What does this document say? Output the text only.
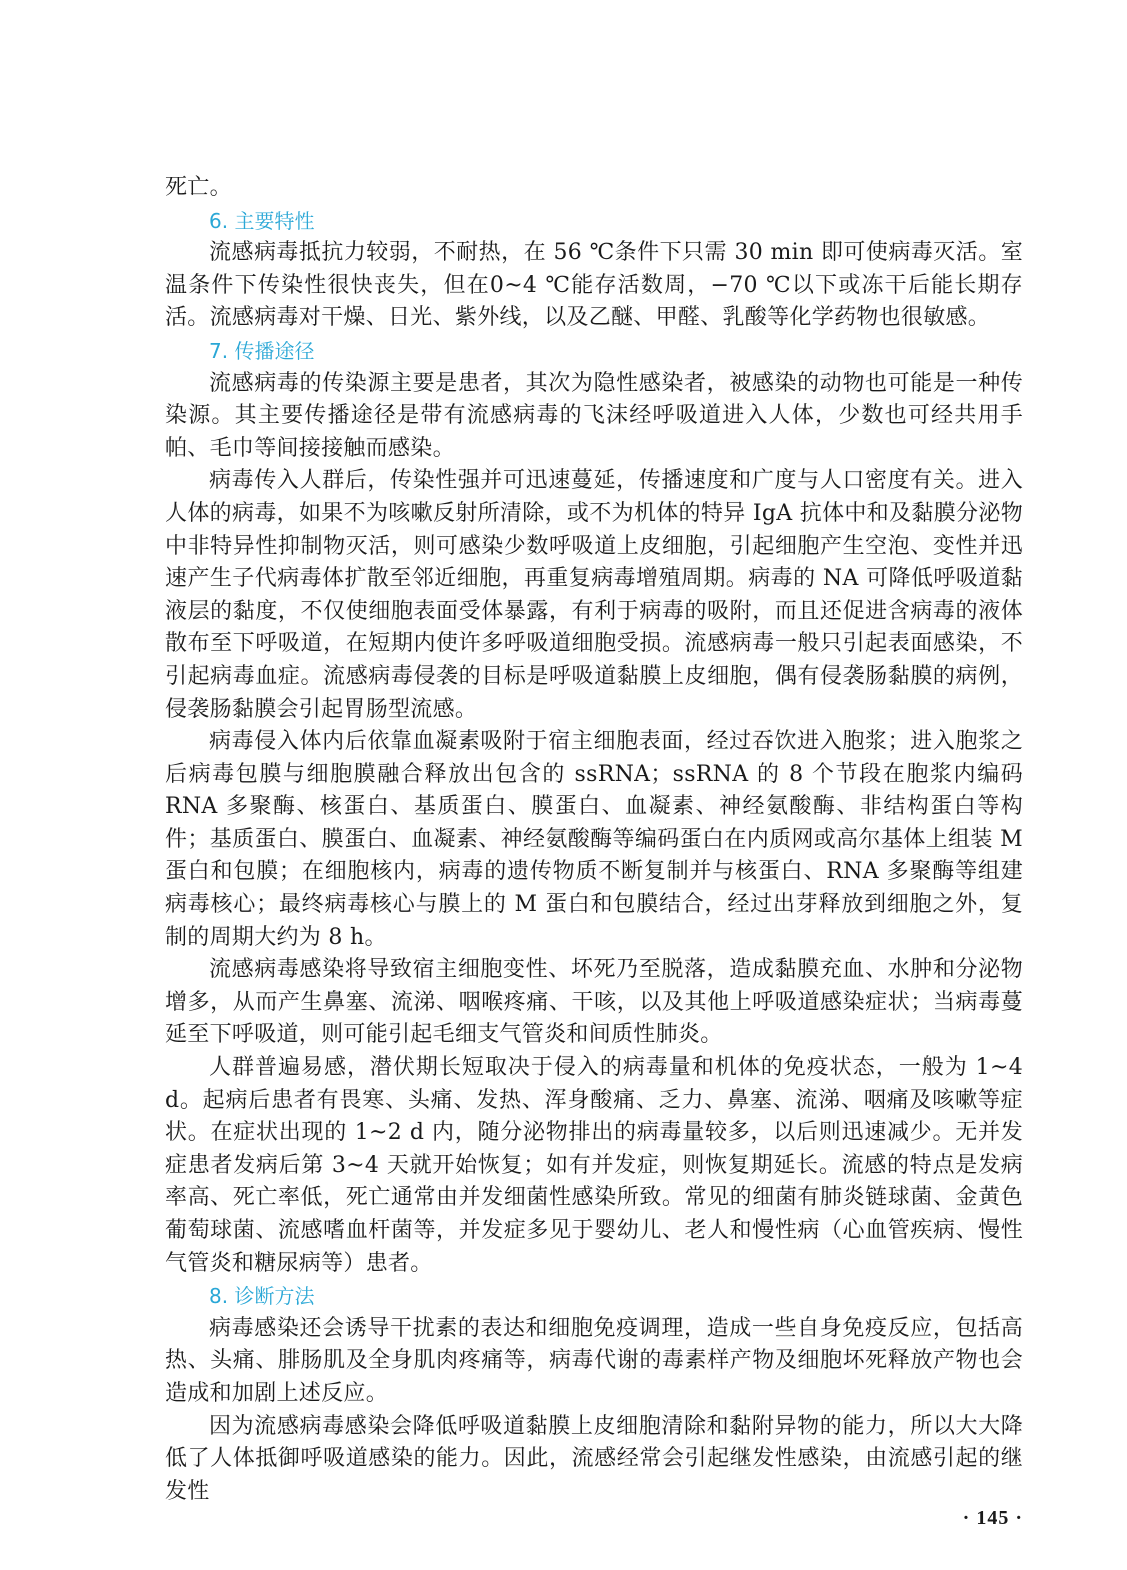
死亡。

6. 主要特性

流感病毒抵抗力较弱，不耐热，在 56 ℃条件下只需 30 min 即可使病毒灭活。室温条件下传染性很快丧失，但在0~4 ℃能存活数周，−70 ℃以下或冻干后能长期存活。流感病毒对干燥、日光、紫外线，以及乙醚、甲醛、乳酸等化学药物也很敏感。

7. 传播途径

流感病毒的传染源主要是患者，其次为隐性感染者，被感染的动物也可能是一种传染源。其主要传播途径是带有流感病毒的飞沫经呼吸道进入人体，少数也可经共用手帕、毛巾等间接接触而感染。

病毒传入人群后，传染性强并可迅速蔓延，传播速度和广度与人口密度有关。进入人体的病毒，如果不为咳嗽反射所清除，或不为机体的特异 IgA 抗体中和及黏膜分泌物中非特异性抑制物灭活，则可感染少数呼吸道上皮细胞，引起细胞产生空泡、变性并迅速产生子代病毒体扩散至邻近细胞，再重复病毒增殖周期。病毒的 NA 可降低呼吸道黏液层的黏度，不仅使细胞表面受体暴露，有利于病毒的吸附，而且还促进含病毒的液体散布至下呼吸道，在短期内使许多呼吸道细胞受损。流感病毒一般只引起表面感染，不引起病毒血症。流感病毒侵袭的目标是呼吸道黏膜上皮细胞，偶有侵袭肠黏膜的病例，侵袭肠黏膜会引起胃肠型流感。

病毒侵入体内后依靠血凝素吸附于宿主细胞表面，经过吞饮进入胞浆；进入胞浆之后病毒包膜与细胞膜融合释放出包含的 ssRNA；ssRNA 的 8 个节段在胞浆内编码 RNA 多聚酶、核蛋白、基质蛋白、膜蛋白、血凝素、神经氨酸酶、非结构蛋白等构件；基质蛋白、膜蛋白、血凝素、神经氨酸酶等编码蛋白在内质网或高尔基体上组装 M 蛋白和包膜；在细胞核内，病毒的遗传物质不断复制并与核蛋白、RNA 多聚酶等组建病毒核心；最终病毒核心与膜上的 M 蛋白和包膜结合，经过出芽释放到细胞之外，复制的周期大约为 8 h。

流感病毒感染将导致宿主细胞变性、坏死乃至脱落，造成黏膜充血、水肿和分泌物增多，从而产生鼻塞、流涕、咽喉疼痛、干咳，以及其他上呼吸道感染症状；当病毒蔓延至下呼吸道，则可能引起毛细支气管炎和间质性肺炎。

人群普遍易感，潜伏期长短取决于侵入的病毒量和机体的免疫状态，一般为 1~4 d。起病后患者有畏寒、头痛、发热、浑身酸痛、乏力、鼻塞、流涕、咽痛及咳嗽等症状。在症状出现的 1~2 d 内，随分泌物排出的病毒量较多，以后则迅速减少。无并发症患者发病后第 3~4 天就开始恢复；如有并发症，则恢复期延长。流感的特点是发病率高、死亡率低，死亡通常由并发细菌性感染所致。常见的细菌有肺炎链球菌、金黄色葡萄球菌、流感嗜血杆菌等，并发症多见于婴幼儿、老人和慢性病（心血管疾病、慢性气管炎和糖尿病等）患者。

8. 诊断方法

病毒感染还会诱导干扰素的表达和细胞免疫调理，造成一些自身免疫反应，包括高热、头痛、腓肠肌及全身肌肉疼痛等，病毒代谢的毒素样产物及细胞坏死释放产物也会造成和加剧上述反应。

因为流感病毒感染会降低呼吸道黏膜上皮细胞清除和黏附异物的能力，所以大大降低了人体抵御呼吸道感染的能力。因此，流感经常会引起继发性感染，由流感引起的继发性

· 145 ·
